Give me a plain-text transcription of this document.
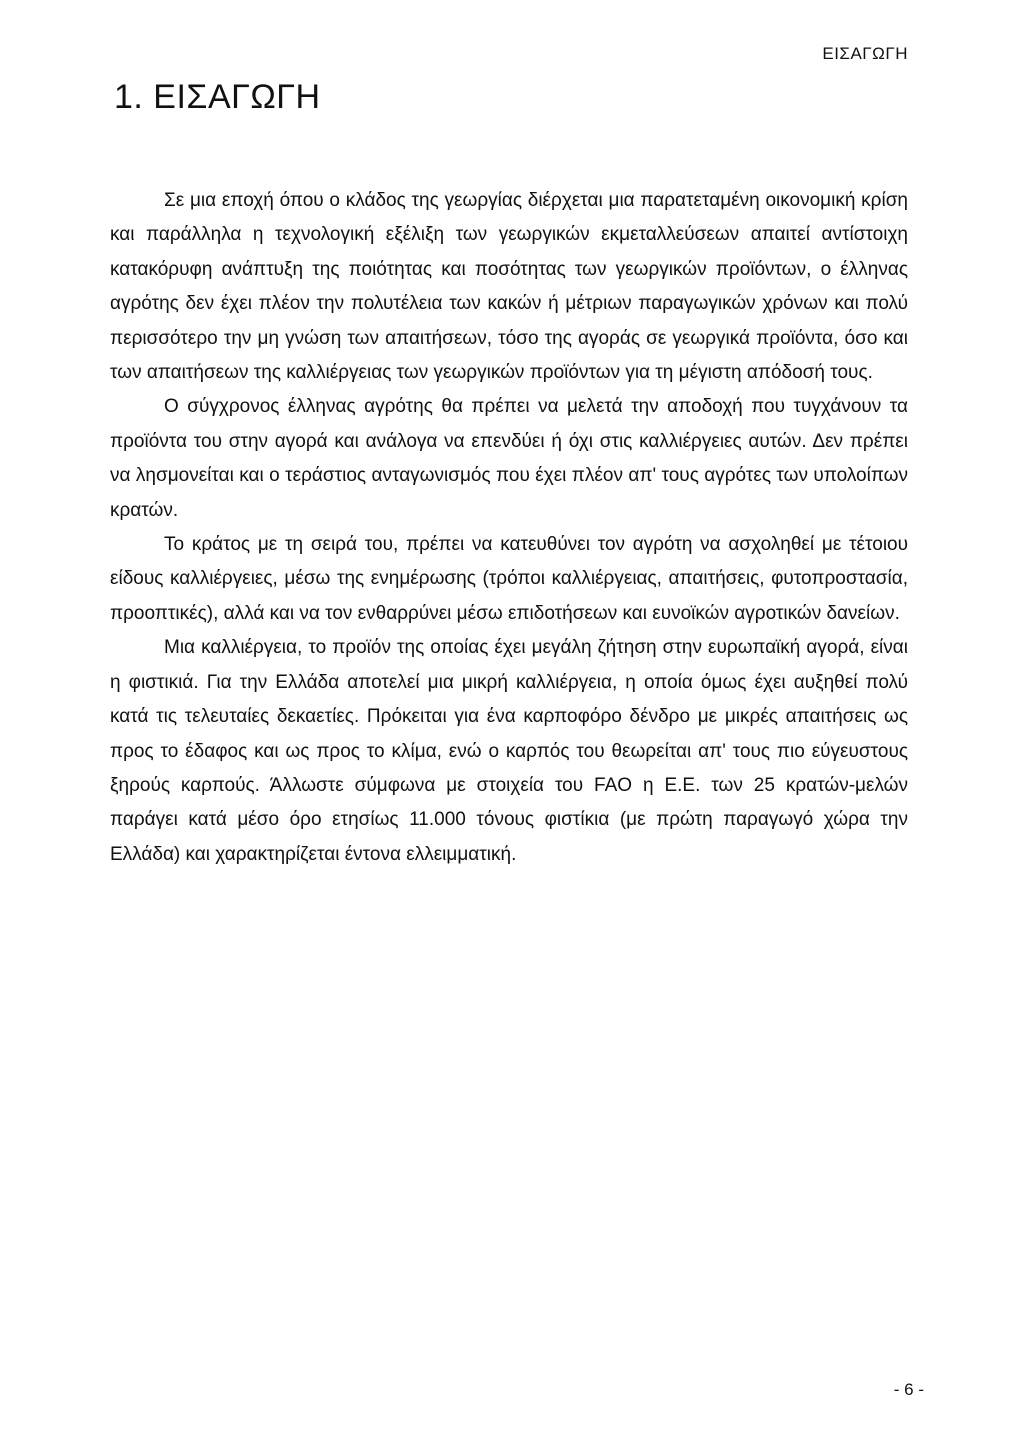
ΕΙΣΑΓΩΓΗ
1. ΕΙΣΑΓΩΓΗ

Σε μια εποχή όπου ο κλάδος της γεωργίας διέρχεται μια παρατεταμένη οικονομική κρίση και παράλληλα η τεχνολογική εξέλιξη των γεωργικών εκμεταλλεύσεων απαιτεί αντίστοιχη κατακόρυφη ανάπτυξη της ποιότητας και ποσότητας των γεωργικών προϊόντων, ο έλληνας αγρότης δεν έχει πλέον την πολυτέλεια των κακών ή μέτριων παραγωγικών χρόνων και πολύ περισσότερο την μη γνώση των απαιτήσεων, τόσο της αγοράς σε γεωργικά προϊόντα, όσο και των απαιτήσεων της καλλιέργειας των γεωργικών προϊόντων για τη μέγιστη απόδοσή τους.

Ο σύγχρονος έλληνας αγρότης θα πρέπει να μελετά την αποδοχή που τυγχάνουν τα προϊόντα του στην αγορά και ανάλογα να επενδύει ή όχι στις καλλιέργειες αυτών. Δεν πρέπει να λησμονείται και ο τεράστιος ανταγωνισμός που έχει πλέον απ' τους αγρότες των υπολοίπων κρατών.

Το κράτος με τη σειρά του, πρέπει να κατευθύνει τον αγρότη να ασχοληθεί με τέτοιου είδους καλλιέργειες, μέσω της ενημέρωσης (τρόποι καλλιέργειας, απαιτήσεις, φυτοπροστασία, προοπτικές), αλλά και να τον ενθαρρύνει μέσω επιδοτήσεων και ευνοϊκών αγροτικών δανείων.

Μια καλλιέργεια, το προϊόν της οποίας έχει μεγάλη ζήτηση στην ευρωπαϊκή αγορά, είναι η φιστικιά. Για την Ελλάδα αποτελεί μια μικρή καλλιέργεια, η οποία όμως έχει αυξηθεί πολύ κατά τις τελευταίες δεκαετίες. Πρόκειται για ένα καρποφόρο δένδρο με μικρές απαιτήσεις ως προς το έδαφος και ως προς το κλίμα, ενώ ο καρπός του θεωρείται απ' τους πιο εύγευστους ξηρούς καρπούς. Άλλωστε σύμφωνα με στοιχεία του FAO η Ε.Ε. των 25 κρατών-μελών παράγει κατά μέσο όρο ετησίως 11.000 τόνους φιστίκια (με πρώτη παραγωγό χώρα την Ελλάδα) και χαρακτηρίζεται έντονα ελλειμματική.

- 6 -
